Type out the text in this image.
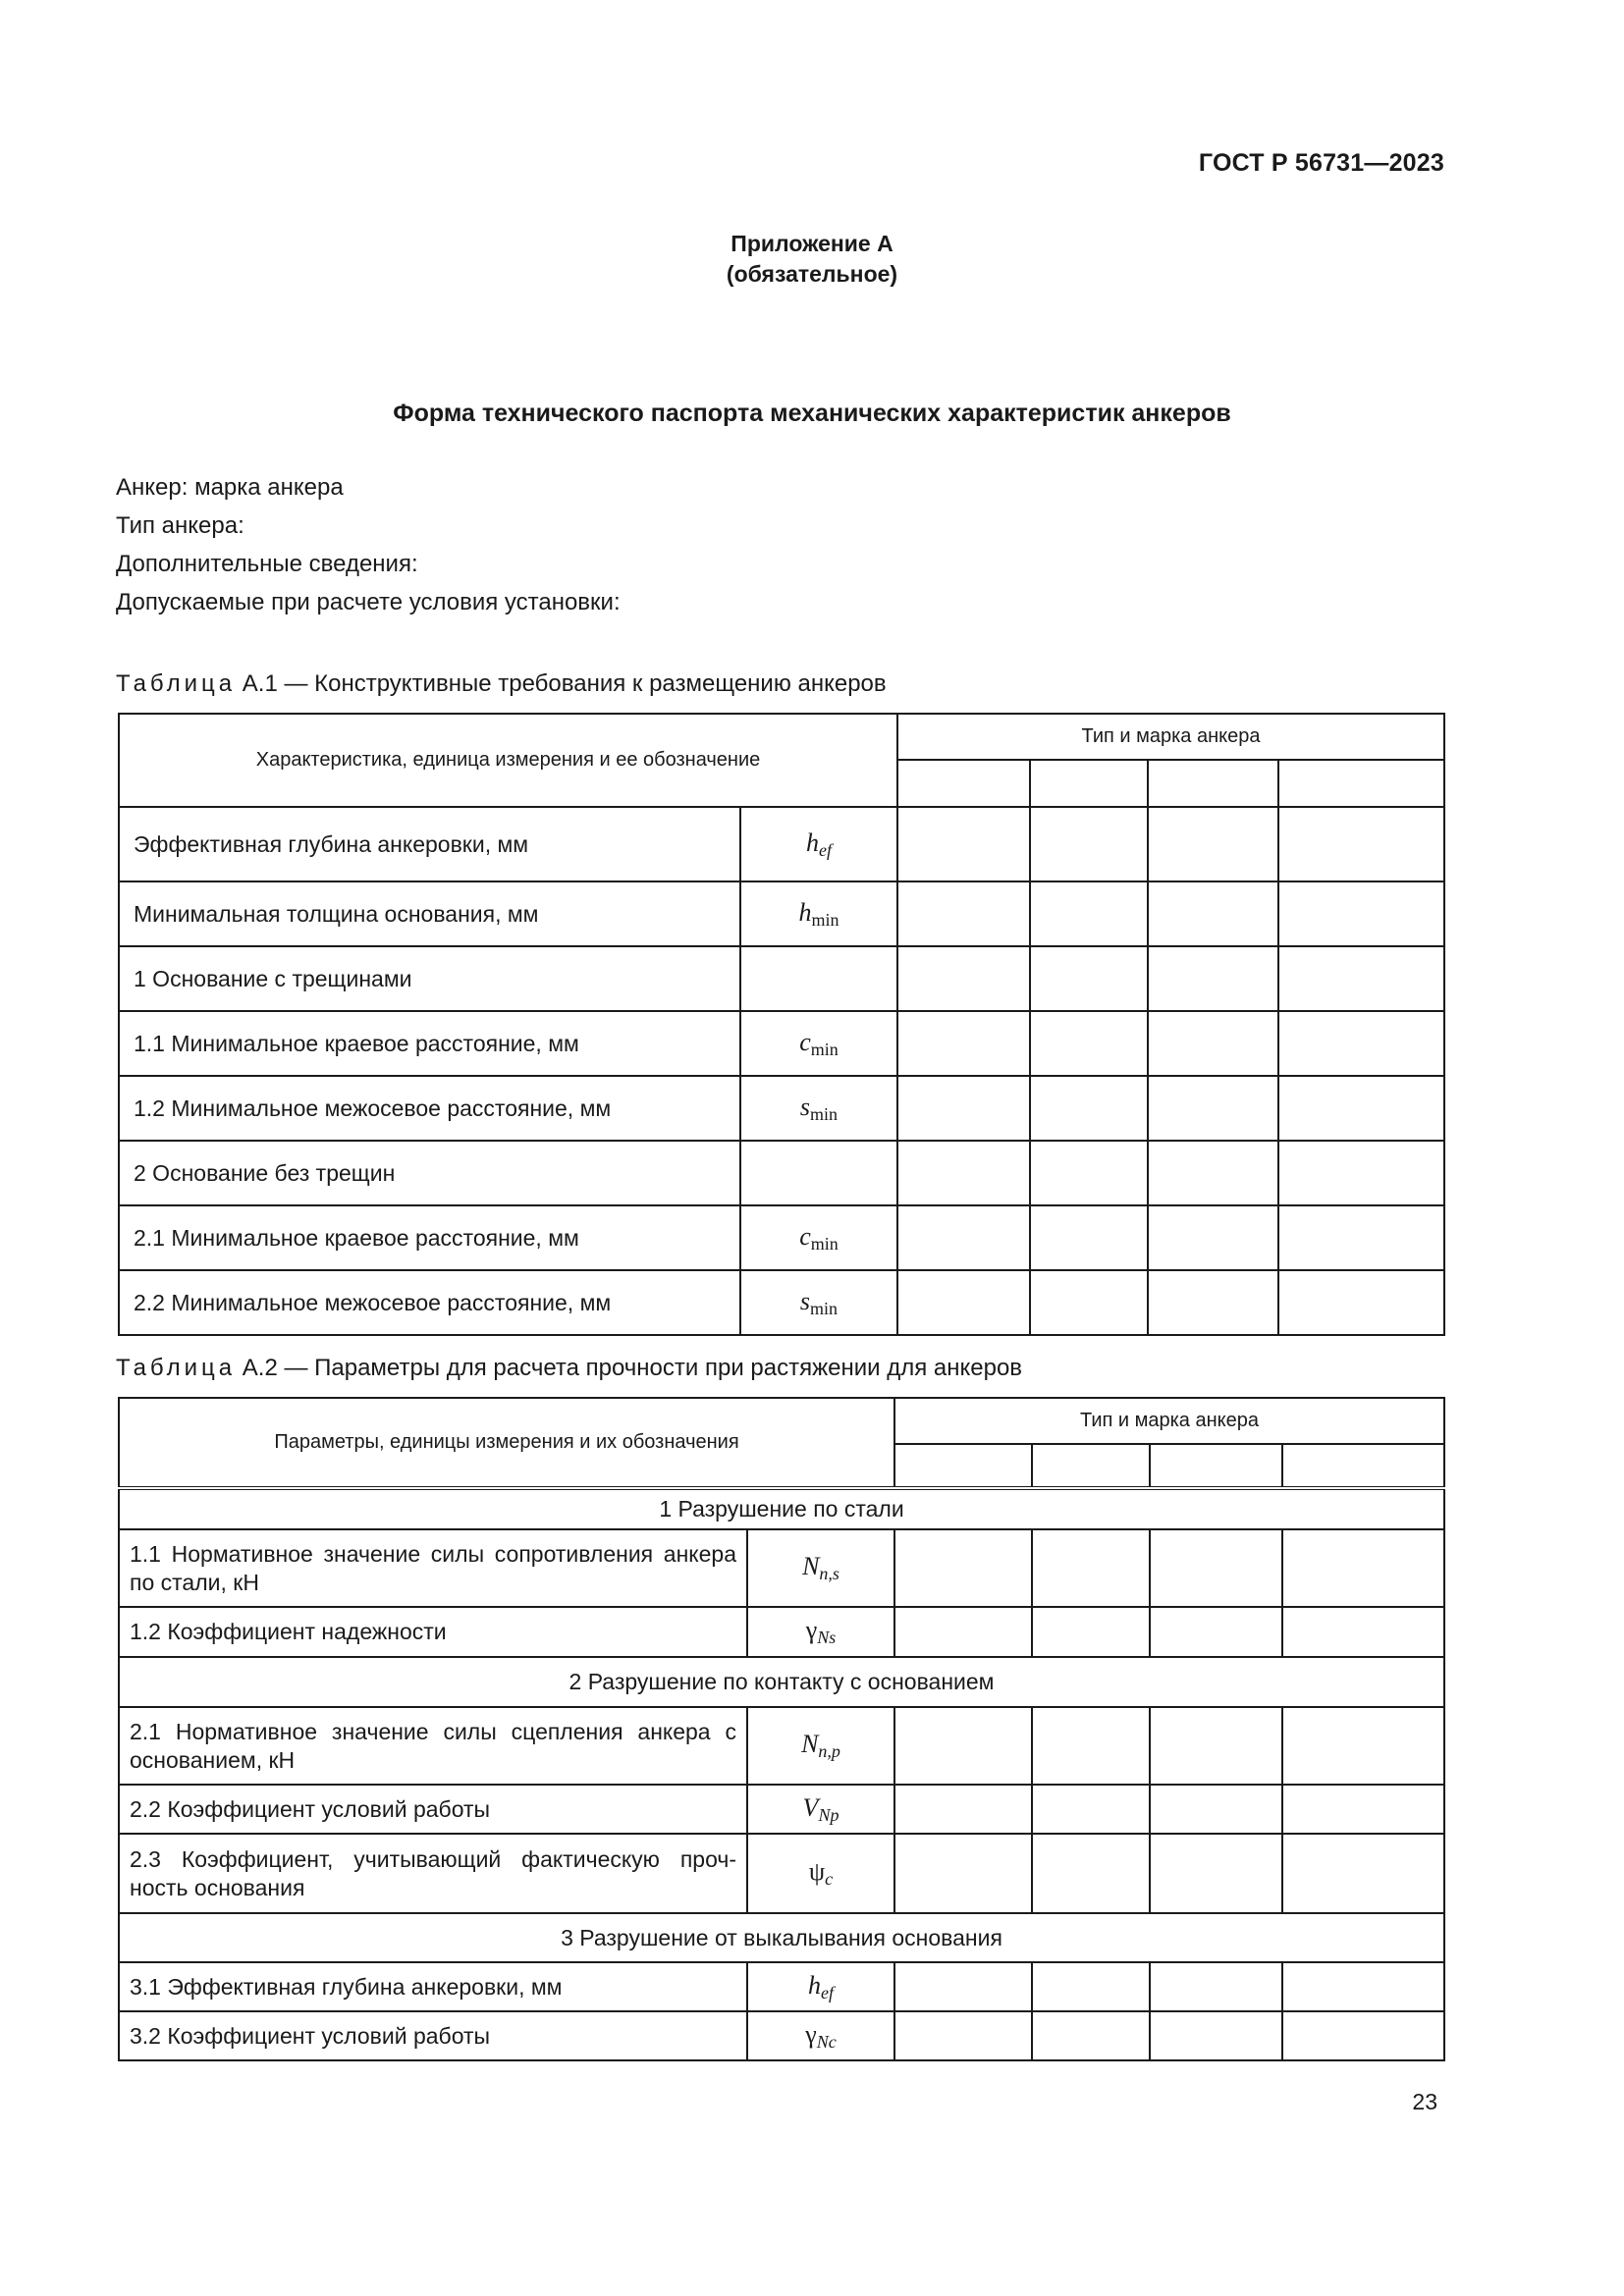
ГОСТ Р 56731—2023
Приложение А
(обязательное)
Форма технического паспорта механических характеристик анкеров
Анкер: марка анкера
Тип анкера:
Дополнительные сведения:
Допускаемые при расчете условия установки:
Таблица А.1 — Конструктивные требования к размещению анкеров
Характеристика, единица измерения и ее обозначение		Тип и марка анкера			

Эффективная глубина анкеровки, мм	$h_{ef}$				
Минимальная толщина основания, мм	$h_{min}$				
1 Основание с трещинами					
1.1 Минимальное краевое расстояние, мм	$c_{min}$				
1.2 Минимальное межосевое расстояние, мм	$s_{min}$				
2 Основание без трещин					
2.1 Минимальное краевое расстояние, мм	$c_{min}$				
2.2 Минимальное межосевое расстояние, мм	$s_{min}$				
Таблица А.2 — Параметры для расчета прочности при растяжении для анкеров
Параметры, единицы измерения и их обозначения		Тип и марка анкера			

1 Разрушение по стали					
1.1 Нормативное значение силы сопротивления анкера по стали, кН	$N_{n,s}$				
1.2 Коэффициент надежности	$\gamma_{Ns}$				
2 Разрушение по контакту с основанием					
2.1 Нормативное значение силы сцепления анкера с основанием, кН	$N_{n,p}$				
2.2 Коэффициент условий работы	$V_{Np}$				
2.3 Коэффициент, учитывающий фактическую проч-ность основания	$\psi_c$				
3 Разрушение от выкалывания основания					
3.1 Эффективная глубина анкеровки, мм	$h_{ef}$				
3.2 Коэффициент условий работы	$\gamma_{Nc}$				
23
